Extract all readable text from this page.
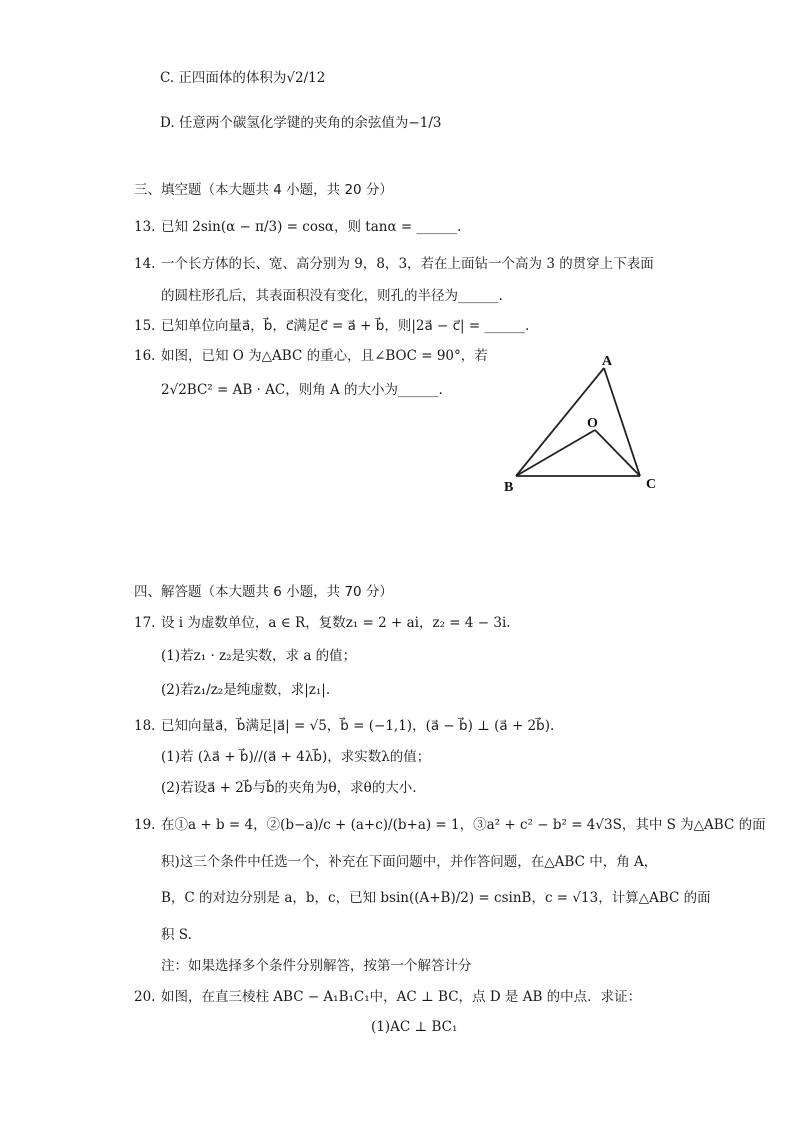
C. 正四面体的体积为√2/12
D. 任意两个碳氢化学键的夹角的余弦值为−1/3
三、填空题（本大题共 4 小题，共 20 分）
13. 已知 2sin(α − π/3) = cosα，则 tanα = ______.
14. 一个长方体的长、宽、高分别为 9，8，3，若在上面钻一个高为 3 的贯穿上下表面
的圆柱形孔后，其表面积没有变化，则孔的半径为______.
15. 已知单位向量a⃗，b⃗，c⃗满足c⃗ = a⃗ + b⃗，则|2a⃗ − c⃗| = ______.
16. 如图，已知 O 为△ABC 的重心，且∠BOC = 90°，若
2√2BC² = AB · AC，则角 A 的大小为______.
A
B	C
O
四、解答题（本大题共 6 小题，共 70 分）
17. 设 i 为虚数单位，a ∈ R，复数z₁ = 2 + ai，z₂ = 4 − 3i.
(1)若z₁ · z₂是实数，求 a 的值；
(2)若z₁/z₂是纯虚数，求|z₁|.
18. 已知向量a⃗，b⃗满足|a⃗| = √5，b⃗ = (−1,1)，(a⃗ − b⃗) ⊥ (a⃗ + 2b⃗).
(1)若 (λa⃗ + b⃗)//(a⃗ + 4λb⃗)，求实数λ的值；
(2)若设a⃗ + 2b⃗与b⃗的夹角为θ，求θ的大小.
19. 在①a + b = 4，②(b−a)/c + (a+c)/(b+a) = 1，③a² + c² − b² = 4√3S，其中 S 为△ABC 的面
积)这三个条件中任选一个，补充在下面问题中，并作答问题，在△ABC 中，角 A，
B，C 的对边分别是 a，b，c，已知 bsin((A+B)/2) = csinB，c = √13，计算△ABC 的面
积 S.
注：如果选择多个条件分别解答，按第一个解答计分
20. 如图，在直三棱柱 ABC − A₁B₁C₁中，AC ⊥ BC，点 D 是 AB 的中点．求证：
(1)AC ⊥ BC₁
